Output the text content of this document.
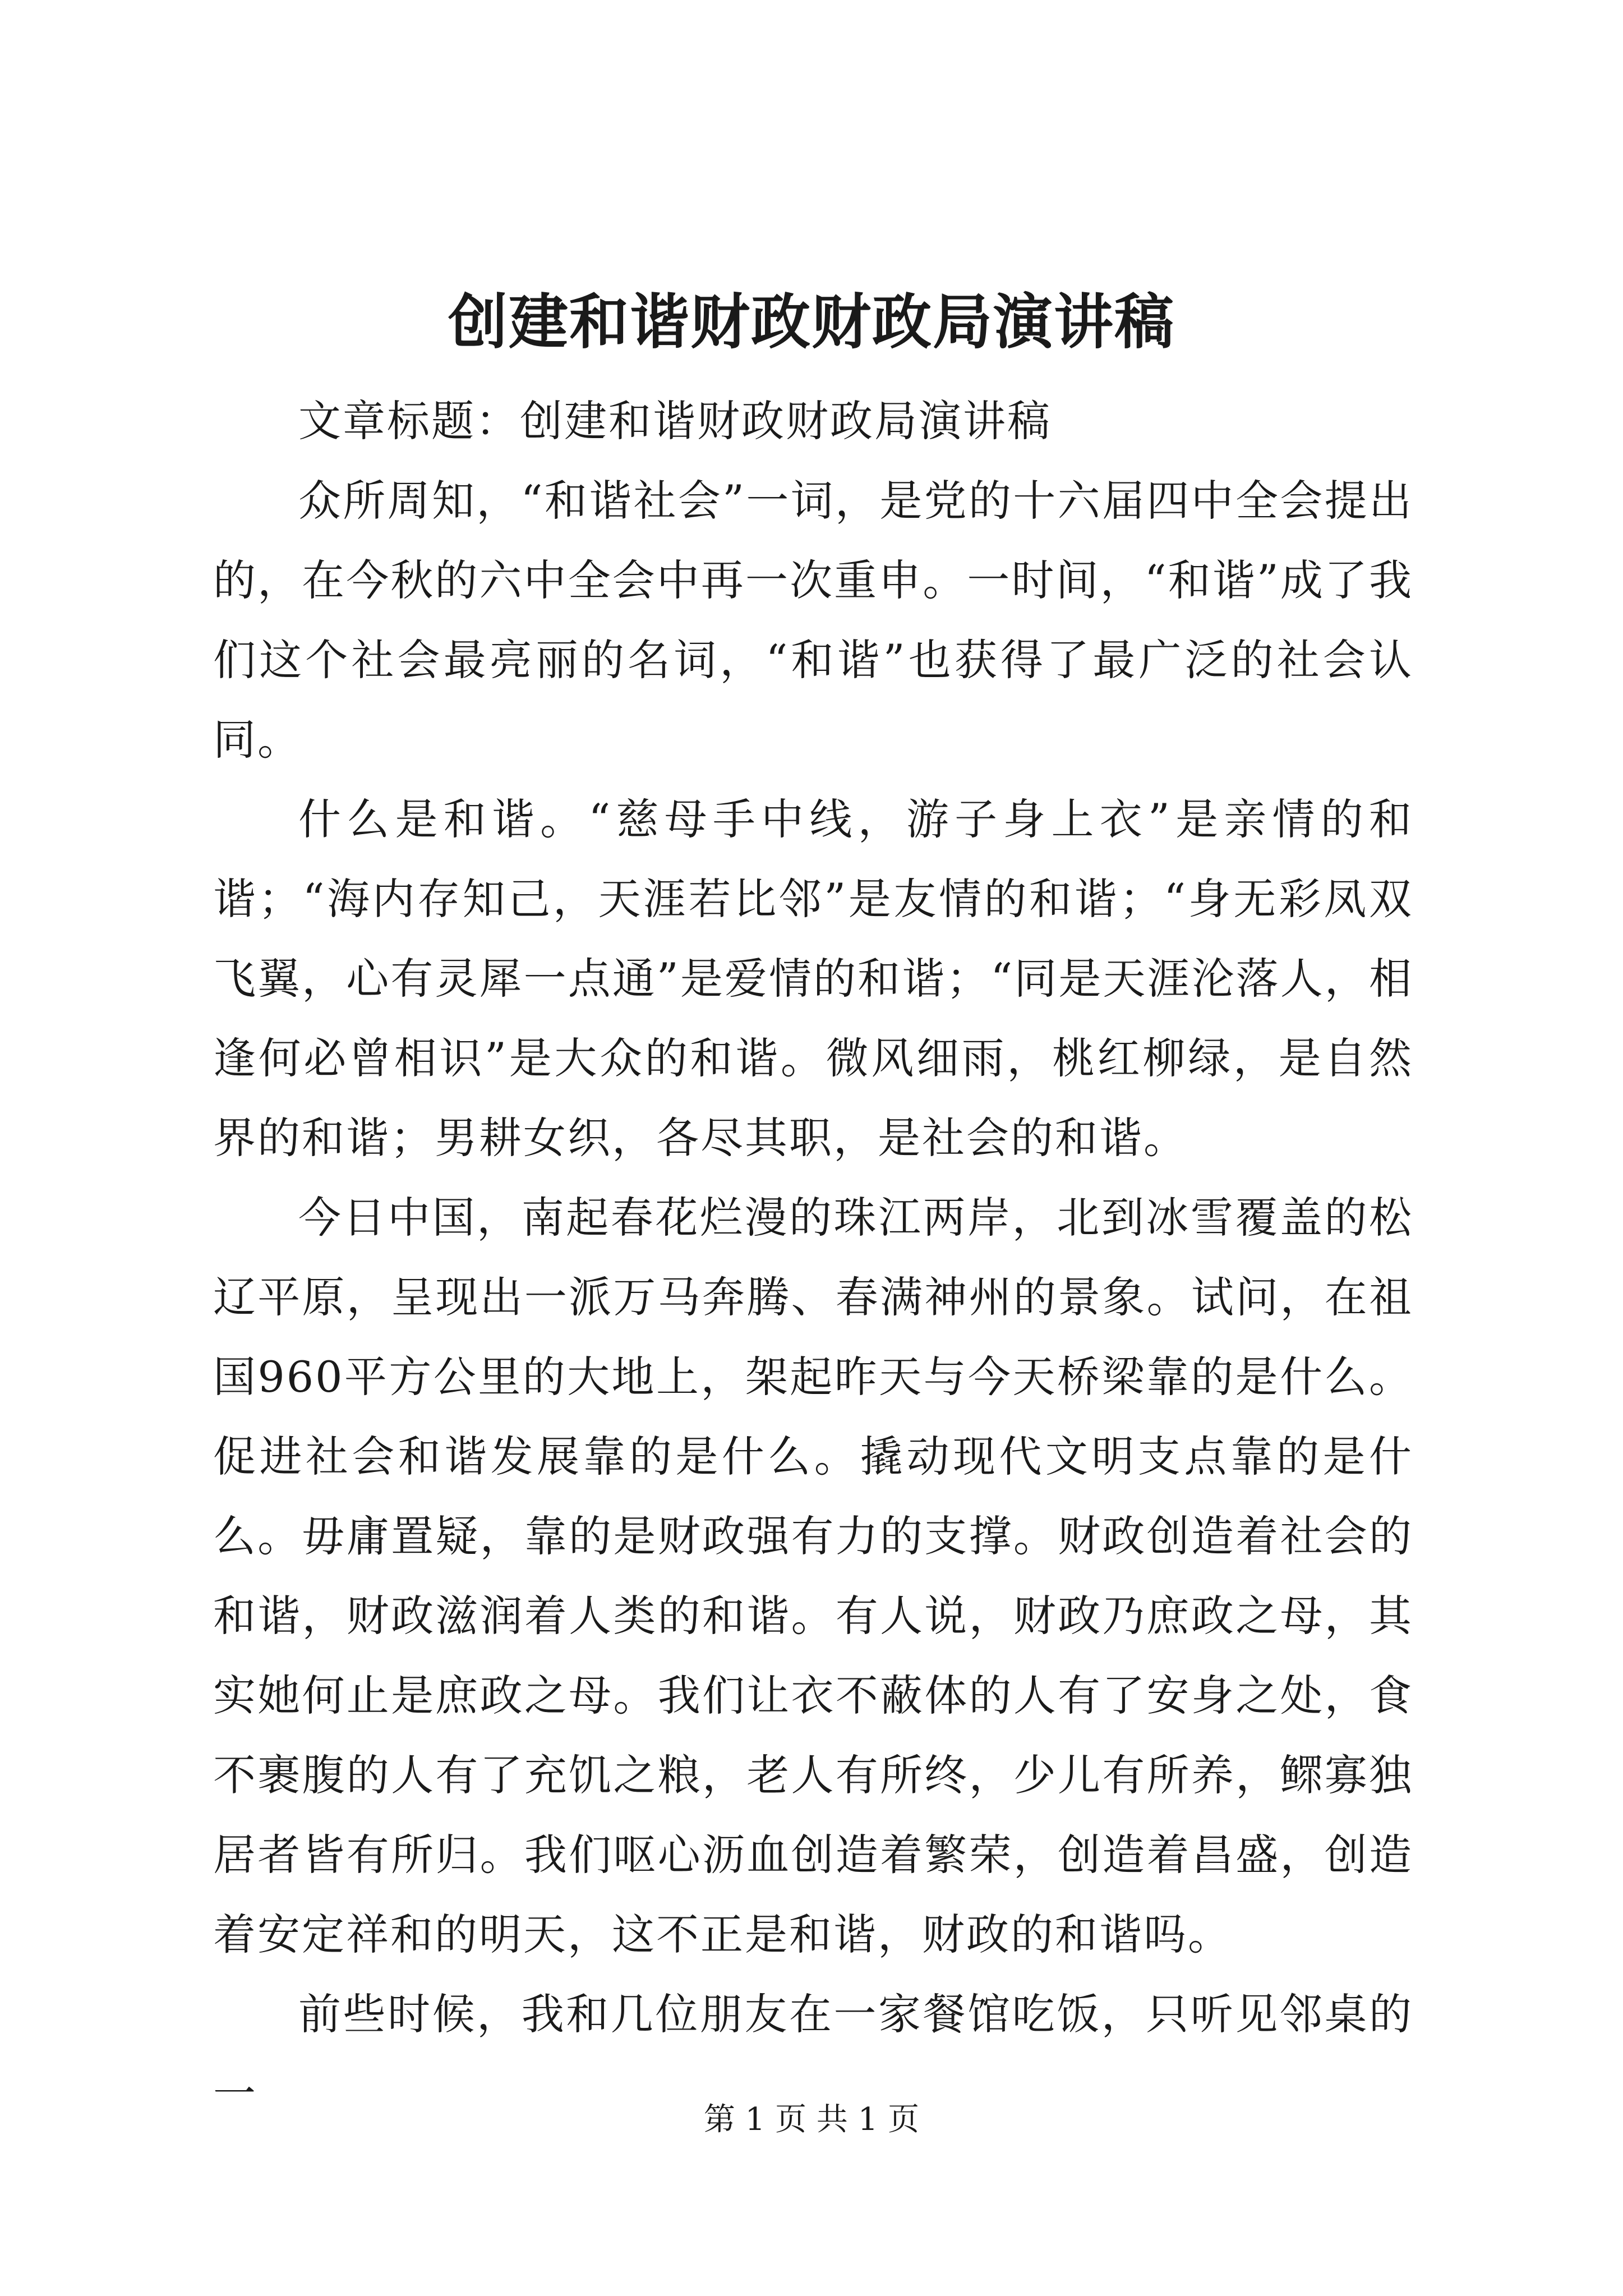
创建和谐财政财政局演讲稿

文章标题：创建和谐财政财政局演讲稿

众所周知，“和谐社会”一词，是党的十六届四中全会提出的，在今秋的六中全会中再一次重申。一时间，“和谐”成了我们这个社会最亮丽的名词，“和谐”也获得了最广泛的社会认同。

什么是和谐。“慈母手中线，游子身上衣”是亲情的和谐；“海内存知己，天涯若比邻”是友情的和谐；“身无彩凤双飞翼，心有灵犀一点通”是爱情的和谐；“同是天涯沦落人，相逢何必曾相识”是大众的和谐。微风细雨，桃红柳绿，是自然界的和谐；男耕女织，各尽其职，是社会的和谐。

今日中国，南起春花烂漫的珠江两岸，北到冰雪覆盖的松辽平原，呈现出一派万马奔腾、春满神州的景象。试问，在祖国960平方公里的大地上，架起昨天与今天桥梁靠的是什么。促进社会和谐发展靠的是什么。撬动现代文明支点靠的是什么。毋庸置疑，靠的是财政强有力的支撑。财政创造着社会的和谐，财政滋润着人类的和谐。有人说，财政乃庶政之母，其实她何止是庶政之母。我们让衣不蔽体的人有了安身之处，食不裹腹的人有了充饥之粮，老人有所终，少儿有所养，鳏寡独居者皆有所归。我们呕心沥血创造着繁荣，创造着昌盛，创造着安定祥和的明天，这不正是和谐，财政的和谐吗。

前些时候，我和几位朋友在一家餐馆吃饭，只听见邻桌的一

第 1 页 共 1 页
